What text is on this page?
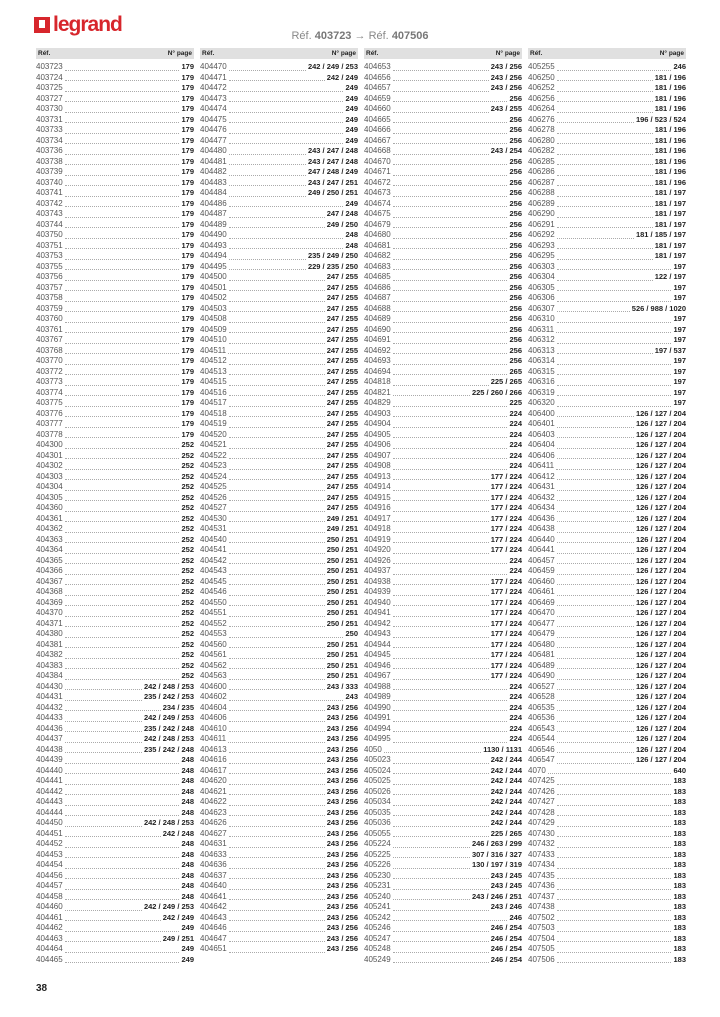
legrand	Réf. 403723 → Réf. 407506
Réf.	N° page
403723	179
403724	179
403725	179
403727	179
403730	179
403731	179
403733	179
403734	179
403736	179
403738	179
403739	179
403740	179
403741	179
403742	179
403743	179
403744	179
403750	179
403751	179
403753	179
403755	179
403756	179
403757	179
403758	179
403759	179
403760	179
403761	179
403767	179
403768	179
403770	179
403772	179
403773	179
403774	179
403775	179
403776	179
403777	179
403778	179
404300	252
404301	252
404302	252
404303	252
404304	252
404305	252
404360	252
404361	252
404362	252
404363	252
404364	252
404365	252
404366	252
404367	252
404368	252
404369	252
404370	252
404371	252
404380	252
404381	252
404382	252
404383	252
404384	252
404430	242 / 248 / 253
404431	235 / 242 / 253
404432	234 / 235
404433	242 / 249 / 253
404436	235 / 242 / 248
404437	242 / 248 / 253
404438	235 / 242 / 248
404439	248
404440	248
404441	248
404442	248
404443	248
404444	248
404450	242 / 248 / 253
404451	242 / 248
404452	248
404453	248
404454	248
404456	248
404457	248
404458	248
404460	242 / 249 / 253
404461	242 / 249
404462	249
404463	249 / 251
404464	249
404465	249
Réf.	N° page
404470	242 / 249 / 253
404471	242 / 249
404472	249
404473	249
404474	249
404475	249
404476	249
404477	249
404480	243 / 247 / 248
404481	243 / 247 / 248
404482	247 / 248 / 249
404483	243 / 247 / 251
404484	249 / 250 / 251
404486	249
404487	247 / 248
404489	249 / 250
404490	248
404493	248
404494	235 / 249 / 250
404495	229 / 235 / 250
404500	247 / 255
404501	247 / 255
404502	247 / 255
404503	247 / 255
404508	247 / 255
404509	247 / 255
404510	247 / 255
404511	247 / 255
404512	247 / 255
404513	247 / 255
404515	247 / 255
404516	247 / 255
404517	247 / 255
404518	247 / 255
404519	247 / 255
404520	247 / 255
404521	247 / 255
404522	247 / 255
404523	247 / 255
404524	247 / 255
404525	247 / 255
404526	247 / 255
404527	247 / 255
404530	249 / 251
404531	249 / 251
404540	250 / 251
404541	250 / 251
404542	250 / 251
404543	250 / 251
404545	250 / 251
404546	250 / 251
404550	250 / 251
404551	250 / 251
404552	250 / 251
404553	250
404560	250 / 251
404561	250 / 251
404562	250 / 251
404563	250 / 251
404600	243 / 333
404602	243
404604	243 / 256
404606	243 / 256
404610	243 / 256
404611	243 / 256
404613	243 / 256
404616	243 / 256
404617	243 / 256
404620	243 / 256
404621	243 / 256
404622	243 / 256
404623	243 / 256
404626	243 / 256
404627	243 / 256
404631	243 / 256
404633	243 / 256
404636	243 / 256
404637	243 / 256
404640	243 / 256
404641	243 / 256
404642	243 / 256
404643	243 / 256
404646	243 / 256
404647	243 / 256
404651	243 / 256
Réf.	N° page
404653	243 / 256
404656	243 / 256
404657	243 / 256
404659	256
404660	243 / 255
404665	256
404666	256
404667	256
404668	243 / 254
404670	256
404671	256
404672	256
404673	256
404674	256
404675	256
404679	256
404680	256
404681	256
404682	256
404683	256
404685	256
404686	256
404687	256
404688	256
404689	256
404690	256
404691	256
404692	256
404693	256
404694	265
404818	225 / 265
404821	225 / 260 / 266
404829	225
404903	224
404904	224
404905	224
404906	224
404907	224
404908	224
404913	177 / 224
404914	177 / 224
404915	177 / 224
404916	177 / 224
404917	177 / 224
404918	177 / 224
404919	177 / 224
404920	177 / 224
404926	224
404937	224
404938	177 / 224
404939	177 / 224
404940	177 / 224
404941	177 / 224
404942	177 / 224
404943	177 / 224
404944	177 / 224
404945	177 / 224
404946	177 / 224
404967	177 / 224
404988	224
404989	224
404990	224
404991	224
404994	224
404995	224
4050	1130 / 1131
405023	242 / 244
405024	242 / 244
405025	242 / 244
405026	242 / 244
405034	242 / 244
405035	242 / 244
405036	242 / 244
405055	225 / 265
405224	246 / 263 / 299
405225	307 / 316 / 327
405226	130 / 197 / 319
405230	243 / 245
405231	243 / 245
405240	243 / 246 / 251
405241	243 / 246
405242	246
405246	246 / 254
405247	246 / 254
405248	246 / 254
405249	246 / 254
Réf.	N° page
405255	246
406250	181 / 196
406252	181 / 196
406256	181 / 196
406264	181 / 196
406276	196 / 523 / 524
406278	181 / 196
406280	181 / 196
406282	181 / 196
406285	181 / 196
406286	181 / 196
406287	181 / 196
406288	181 / 197
406289	181 / 197
406290	181 / 197
406291	181 / 197
406292	181 / 185 / 197
406293	181 / 197
406295	181 / 197
406303	197
406304	122 / 197
406305	197
406306	197
406307	526 / 988 / 1020
406310	197
406311	197
406312	197
406313	197 / 537
406314	197
406315	197
406316	197
406319	197
406320	197
406400	126 / 127 / 204
406401	126 / 127 / 204
406403	126 / 127 / 204
406404	126 / 127 / 204
406406	126 / 127 / 204
406411	126 / 127 / 204
406412	126 / 127 / 204
406431	126 / 127 / 204
406432	126 / 127 / 204
406434	126 / 127 / 204
406436	126 / 127 / 204
406438	126 / 127 / 204
406440	126 / 127 / 204
406441	126 / 127 / 204
406457	126 / 127 / 204
406459	126 / 127 / 204
406460	126 / 127 / 204
406461	126 / 127 / 204
406469	126 / 127 / 204
406470	126 / 127 / 204
406477	126 / 127 / 204
406479	126 / 127 / 204
406480	126 / 127 / 204
406481	126 / 127 / 204
406489	126 / 127 / 204
406490	126 / 127 / 204
406527	126 / 127 / 204
406528	126 / 127 / 204
406535	126 / 127 / 204
406536	126 / 127 / 204
406543	126 / 127 / 204
406544	126 / 127 / 204
406546	126 / 127 / 204
406547	126 / 127 / 204
4070	640
407425	183
407426	183
407427	183
407428	183
407429	183
407430	183
407432	183
407433	183
407434	183
407435	183
407436	183
407437	183
407438	183
407502	183
407503	183
407504	183
407505	183
407506	183
38
